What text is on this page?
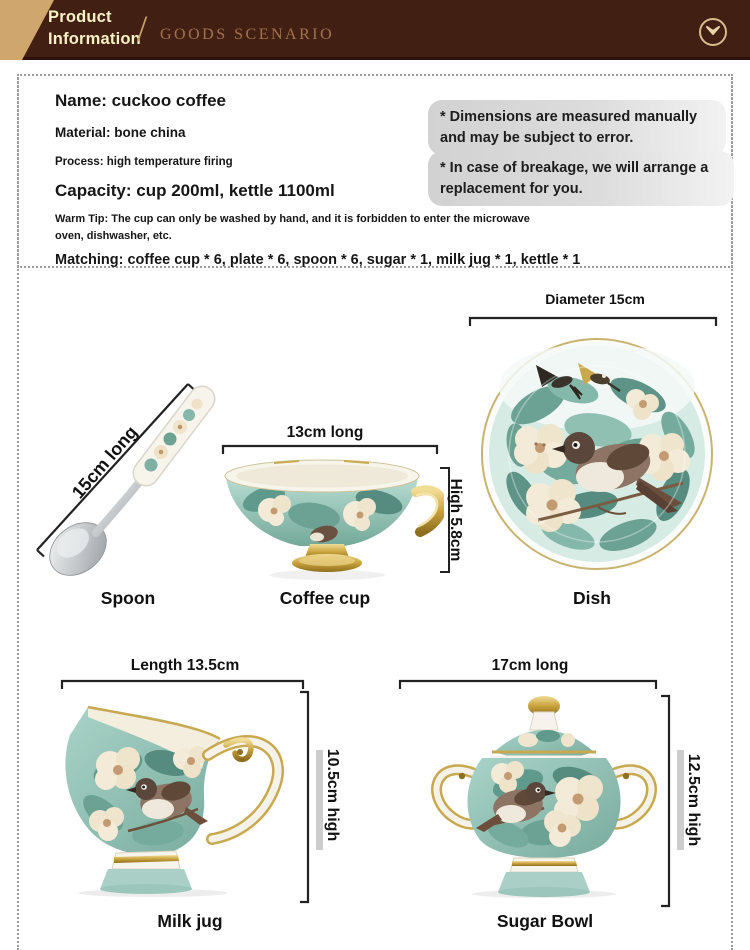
Product
Information
/ GOODS SCENARIO
Name: cuckoo coffee
Material: bone china
Process: high temperature firing
Capacity: cup 200ml, kettle 1100ml
Warm Tip: The cup can only be washed by hand, and it is forbidden to enter the microwave oven, dishwasher, etc.
Matching: coffee cup * 6, plate * 6, spoon * 6, sugar * 1, milk jug * 1, kettle * 1
* Dimensions are measured manually and may be subject to error.
* In case of breakage, we will arrange a replacement for you.
15cm long
Spoon
13cm long
High 5.8cm
Coffee cup
Diameter 15cm
Dish
Length 13.5cm
10.5cm high
Milk jug
17cm long
12.5cm high
Sugar Bowl
